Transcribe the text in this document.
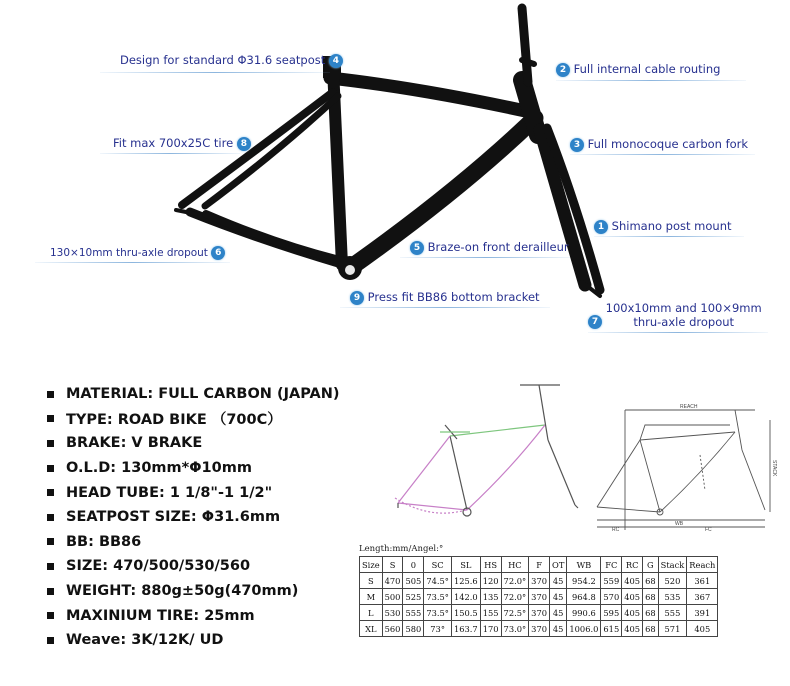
WB
FC
RC
REACH
STACK
Design for standard Φ31.6 seatpost 4
2 Full internal cable routing
Fit max 700x25C tire 8	3 Full monocoque carbon fork
1 Shimano post mount
5 Braze-on front derailleur
130×10mm thru-axle dropout 6
9 Press fit BB86 bottom bracket
7
100x10mm and 100×9mm
thru-axle dropout
MATERIAL: FULL CARBON (JAPAN)
TYPE: ROAD BIKE （700C）
BRAKE: V BRAKE
O.L.D: 130mm*Φ10mm
HEAD TUBE: 1 1/8"-1 1/2"
SEATPOST SIZE: Φ31.6mm
BB: BB86
SIZE: 470/500/530/560
WEIGHT: 880g±50g(470mm)
MAXINIUM TIRE: 25mm
Weave: 3K/12K/ UD
Length:mm/Angel:°
Size	S	0	SC	SL	HS	HC	F	OT	WB	FC	RC	G	Stack	Reach
S	470	505	74.5°	125.6	120	72.0°	370	45	954.2	559	405	68	520	361
M	500	525	73.5°	142.0	135	72.0°	370	45	964.8	570	405	68	535	367
L	530	555	73.5°	150.5	155	72.5°	370	45	990.6	595	405	68	555	391
XL	560	580	73°	163.7	170	73.0°	370	45	1006.0	615	405	68	571	405
